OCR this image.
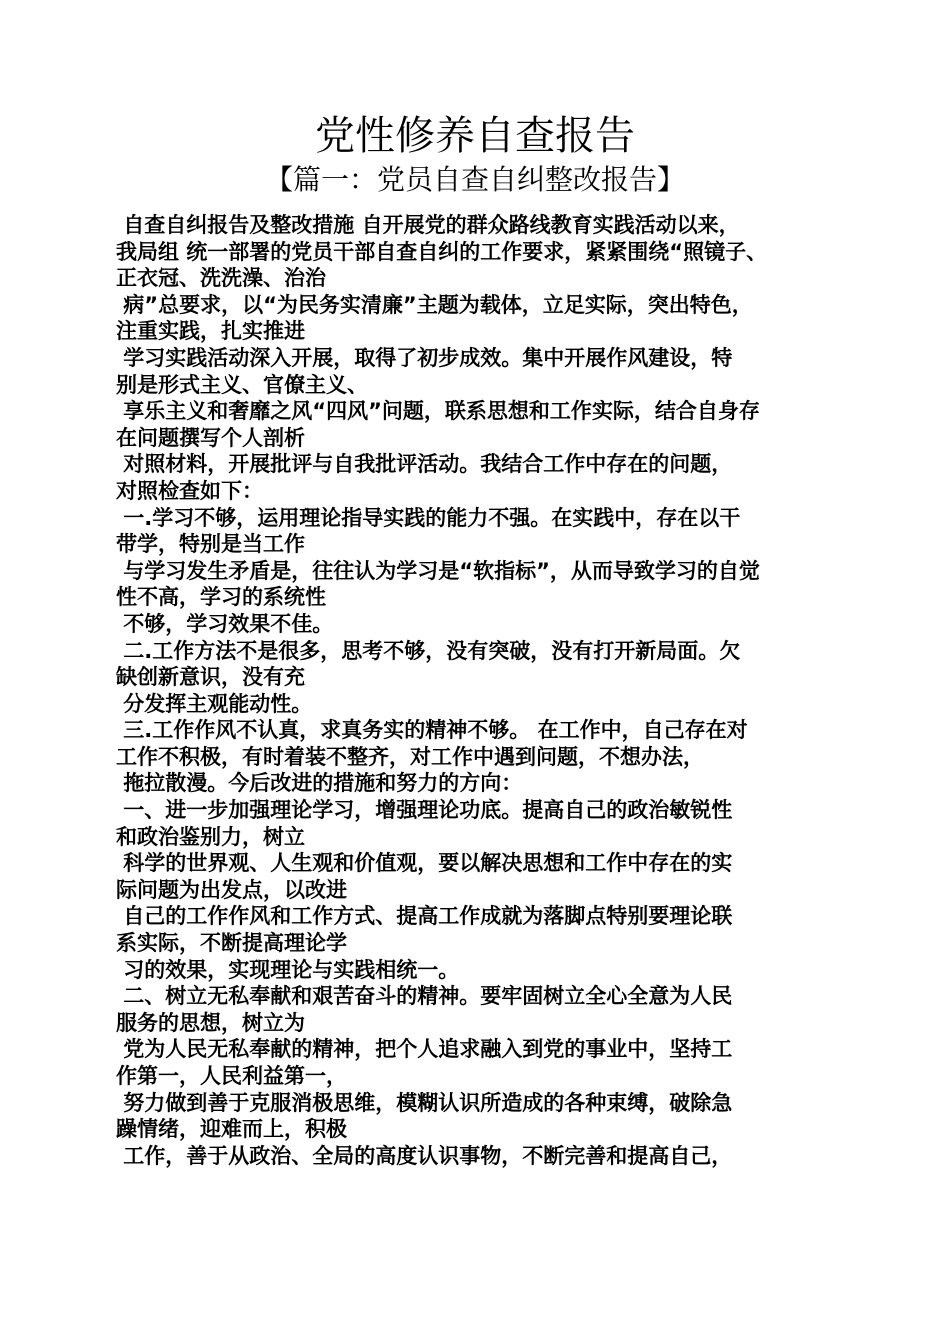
党性修养自查报告
【篇一：党员自查自纠整改报告】
自查自纠报告及整改措施 自开展党的群众路线教育实践活动以来，
我局组 统一部署的党员干部自查自纠的工作要求，紧紧围绕“照镜子、
正衣冠、洗洗澡、治治
病”总要求，以“为民务实清廉”主题为载体，立足实际，突出特色，
注重实践，扎实推进
学习实践活动深入开展，取得了初步成效。集中开展作风建设，特
别是形式主义、官僚主义、
享乐主义和奢靡之风“四风”问题，联系思想和工作实际，结合自身存
在问题撰写个人剖析
对照材料，开展批评与自我批评活动。我结合工作中存在的问题，
对照检查如下：
一.学习不够，运用理论指导实践的能力不强。在实践中，存在以干
带学，特别是当工作
与学习发生矛盾是，往往认为学习是“软指标”，从而导致学习的自觉
性不高，学习的系统性
不够，学习效果不佳。
二.工作方法不是很多，思考不够，没有突破，没有打开新局面。欠
缺创新意识，没有充
分发挥主观能动性。
三.工作作风不认真，求真务实的精神不够。 在工作中，自己存在对
工作不积极，有时着装不整齐，对工作中遇到问题，不想办法，
拖拉散漫。今后改进的措施和努力的方向：
一、进一步加强理论学习，增强理论功底。提高自己的政治敏锐性
和政治鉴别力，树立
科学的世界观、人生观和价值观，要以解决思想和工作中存在的实
际问题为出发点，以改进
自己的工作作风和工作方式、提高工作成就为落脚点特别要理论联
系实际，不断提高理论学
习的效果，实现理论与实践相统一。
二、树立无私奉献和艰苦奋斗的精神。要牢固树立全心全意为人民
服务的思想，树立为
党为人民无私奉献的精神，把个人追求融入到党的事业中，坚持工
作第一，人民利益第一，
努力做到善于克服消极思维，模糊认识所造成的各种束缚，破除急
躁情绪，迎难而上，积极
工作，善于从政治、全局的高度认识事物，不断完善和提高自己，
